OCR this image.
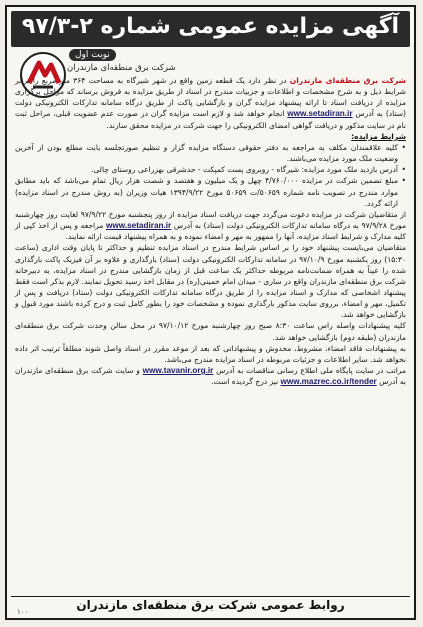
آگهی مزایده عمومی شماره ۲-۹۷/۳
نوبت اول
شرکت برق منطقه‌ای مازندران

شرکت برق منطقه‌ای مازندران در نظر دارد یک قطعه زمین واقع در شهر شیرگاه به مساحت ۳۶۴ متر مربع را برابر شرایط ذیل و به شرح مشخصات و اطلاعات و جزییات مندرج در اسناد از طریق مزایده به فروش برساند که مراحل برگزاری مزایده از دریافت اسناد تا ارائه پیشنهاد مزایده گران و بازگشایی پاکت از طریق درگاه سامانه تدارکات الکترونیکی دولت (ستاد) به آدرس www.setadiran.ir انجام خواهد شد و لازم است مزایده گران در صورت عدم عضویت قبلی، مراحل ثبت نام در سایت مذکور و دریافت گواهی امضای الکترونیکی را جهت شرکت در مزایده محقق سازند.

شرایط مزایده:

• کلیه علاقمندان مکلف به مراجعه به دفتر حقوقی دستگاه مزایده گزار و تنظیم صورتجلسه بابت مطلع بودن از آخرین وضعیت ملک مورد مزایده می‌باشند.

• آدرس بازدید ملک مورد مزایده: شیرگاه - روبروی پست کمپکت - حدشرقی بهزراعی روستای چالی.

• مبلغ تضمین شرکت در مزایده ۴/۷۶۰/۰۰۰ چهل و یک میلیون و هفتصد و شصت هزار ریال تمام می‌باشد که باید مطابق موارد مندرج در تصویب نامه شماره ۵۰۶۵۹/ت ۵۰۶۵۹ مورخ ۱۳۹۴/۹/۲۲ هیات وزیران (به روش مندرج در اسناد مزایده) ارائه گردد.

از متقاضیان شرکت در مزایده دعوت می‌گردد جهت دریافت اسناد مزایده از روز پنجشنبه مورخ ۹۷/۹/۲۲ لغایت روز چهارشنبه مورخ ۹۷/۹/۲۸ به درگاه سامانه تدارکات الکترونیکی دولت (ستاد) به آدرس www.setadiran.ir مراجعه و پس از اخذ کپی از کلیه مدارک و شرایط اسناد مزایده، آنها را ممهور به مهر و امضاء نموده و به همراه پیشنهاد قیمت ارائه نمایند.

متقاضیان می‌بایست پیشنهاد خود را بر اساس شرایط مندرج در اسناد مزایده تنظیم و حداکثر تا پایان وقت اداری (ساعت ۱۵:۳۰) روز یکشنبه مورخ ۹۷/۱۰/۹ در سامانه تدارکات الکترونیکی دولت (ستاد) بارگذاری و علاوه بر آن فیزیک پاکت بارگذاری شده را عیناً به همراه ضمانت‌نامه مربوطه حداکثر یک ساعت قبل از زمان بازگشایی مندرج در اسناد مزایده، به دبیرخانه شرکت برق منطقه‌ای مازندران واقع در ساری - میدان امام خمینی(ره) در مقابل اخذ رسید تحویل نمایند. لازم بذکر است فقط پیشنهاد اشخاصی که مدارک و اسناد مزایده را از طریق درگاه سامانه تدارکات الکترونیکی دولت (ستاد) دریافت و پس از تکمیل، مهر و امضاء، برروی سایت مذکور بارگذاری نموده و مشخصات خود را بطور کامل ثبت و درج کرده باشند مورد قبول و بازگشایی خواهد شد.

کلیه پیشنهادات واصله راس ساعت ۸:۳۰ صبح روز چهارشنبه مورخ ۹۷/۱۰/۱۲ در محل سالن وحدت شرکت برق منطقه‌ای مازندران (طبقه دوم) بازگشایی خواهد شد.

به پیشنهادات فاقد امضاء، مشروط، مخدوش و پیشنهاداتی که بعد از موعد مقرر در اسناد واصل شوند مطلقاً ترتیب اثر داده نخواهد شد. سایر اطلاعات و جزئیات مربوطه در اسناد مزایده مندرج می‌باشد.

مراتب در سایت پایگاه ملی اطلاع رسانی مناقصات به آدرس www.tavanir.org.ir و سایت شرکت برق منطقه‌ای مازندران به آدرس www.mazrec.co.ir/tender نیز درج گردیده است.

روابط عمومی شرکت برق منطقه‌ای مازندران
۱۰۰
